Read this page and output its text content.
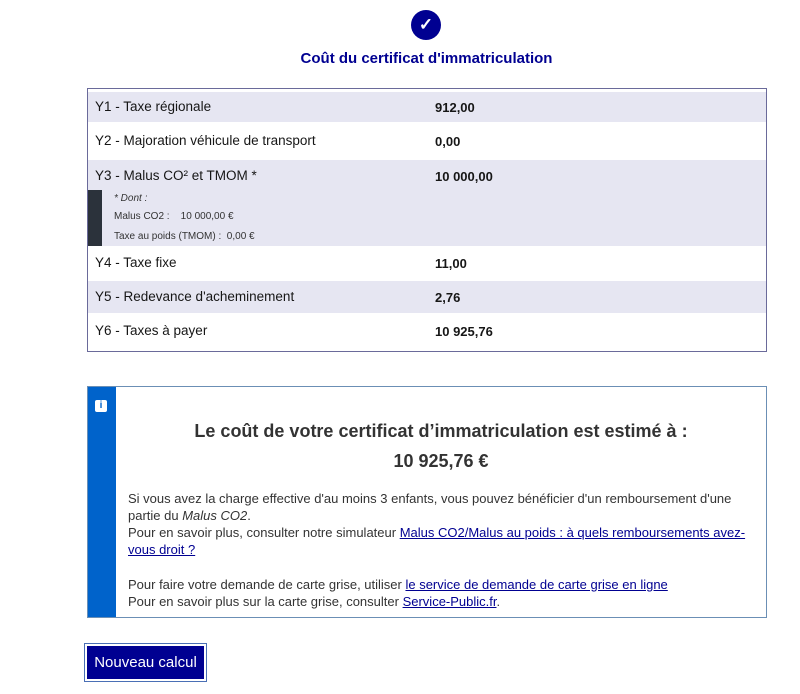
✓
Coût du certificat d'immatriculation
Y1 - Taxe régionale	912,00
Y2 - Majoration véhicule de transport	0,00
Y3 - Malus CO² et TMOM *	10 000,00
* Dont :
Malus CO2 :    10 000,00 €
Taxe au poids (TMOM) :  0,00 €
Y4 - Taxe fixe	11,00
Y5 - Redevance d'acheminement	2,76
Y6 - Taxes à payer	10 925,76
i
Le coût de votre certificat d’immatriculation est estimé à :
10 925,76 €
Si vous avez la charge effective d'au moins 3 enfants, vous pouvez bénéficier d'un remboursement d'une partie du Malus CO2.
Pour en savoir plus, consulter notre simulateur Malus CO2/Malus au poids : à quels remboursements avez-vous droit ?
Pour faire votre demande de carte grise, utiliser le service de demande de carte grise en ligne
Pour en savoir plus sur la carte grise, consulter Service-Public.fr.
Nouveau calcul
